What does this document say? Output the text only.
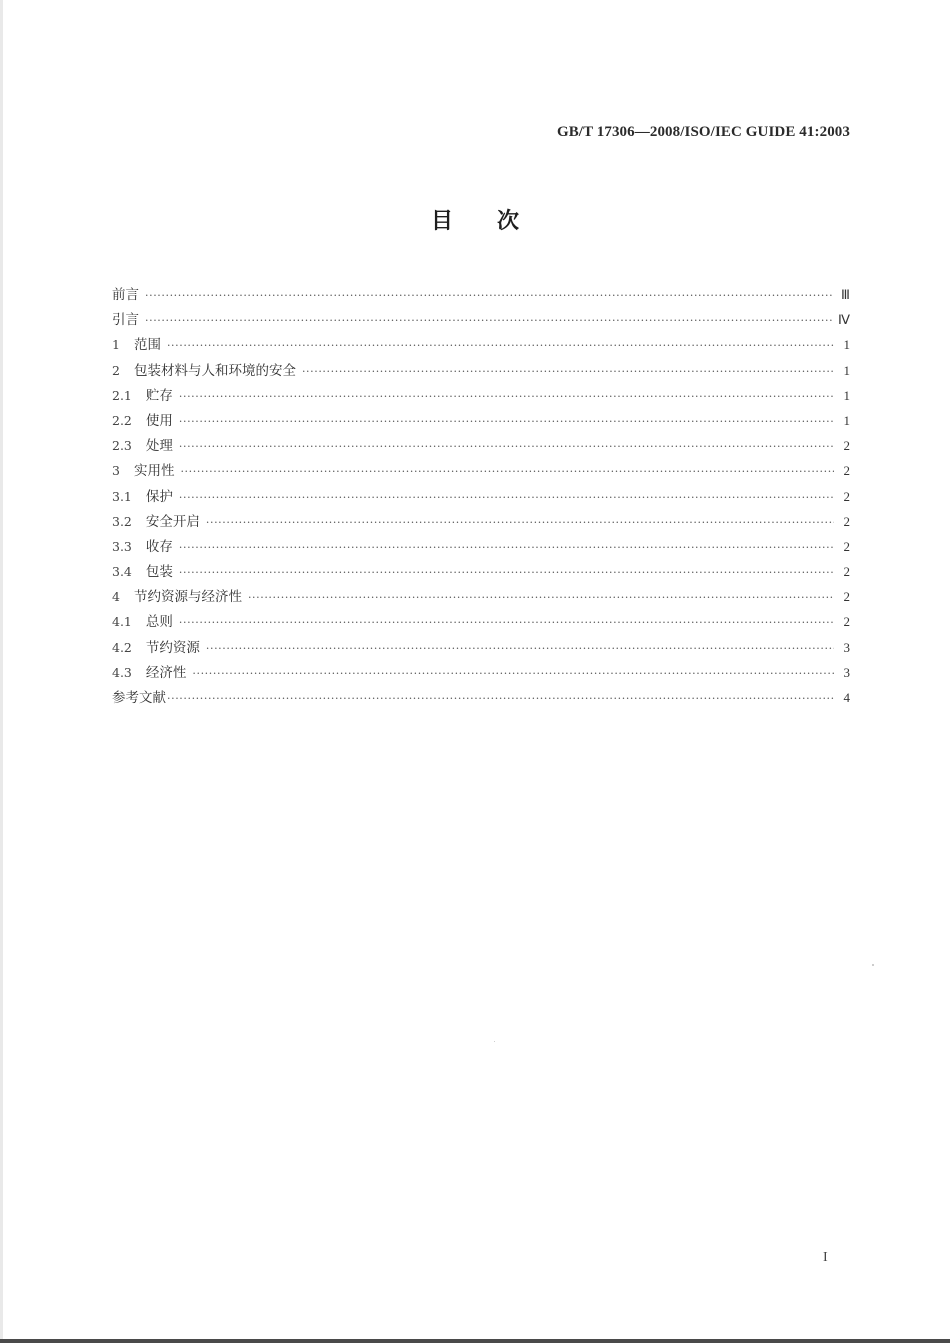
GB/T 17306—2008/ISO/IEC GUIDE 41:2003
目次
前言 ·····	Ⅲ
引言 ·····	Ⅳ
1 范围 ·····	1
2 包装材料与人和环境的安全 ·····	1
2.1 贮存 ·····	1
2.2 使用 ·····	1
2.3 处理 ·····	2
3 实用性 ·····	2
3.1 保护 ·····	2
3.2 安全开启 ·····	2
3.3 收存 ·····	2
3.4 包装 ·····	2
4 节约资源与经济性 ·····	2
4.1 总则 ·····	2
4.2 节约资源 ·····	3
4.3 经济性 ·····	3
参考文献 ·····	4
I
